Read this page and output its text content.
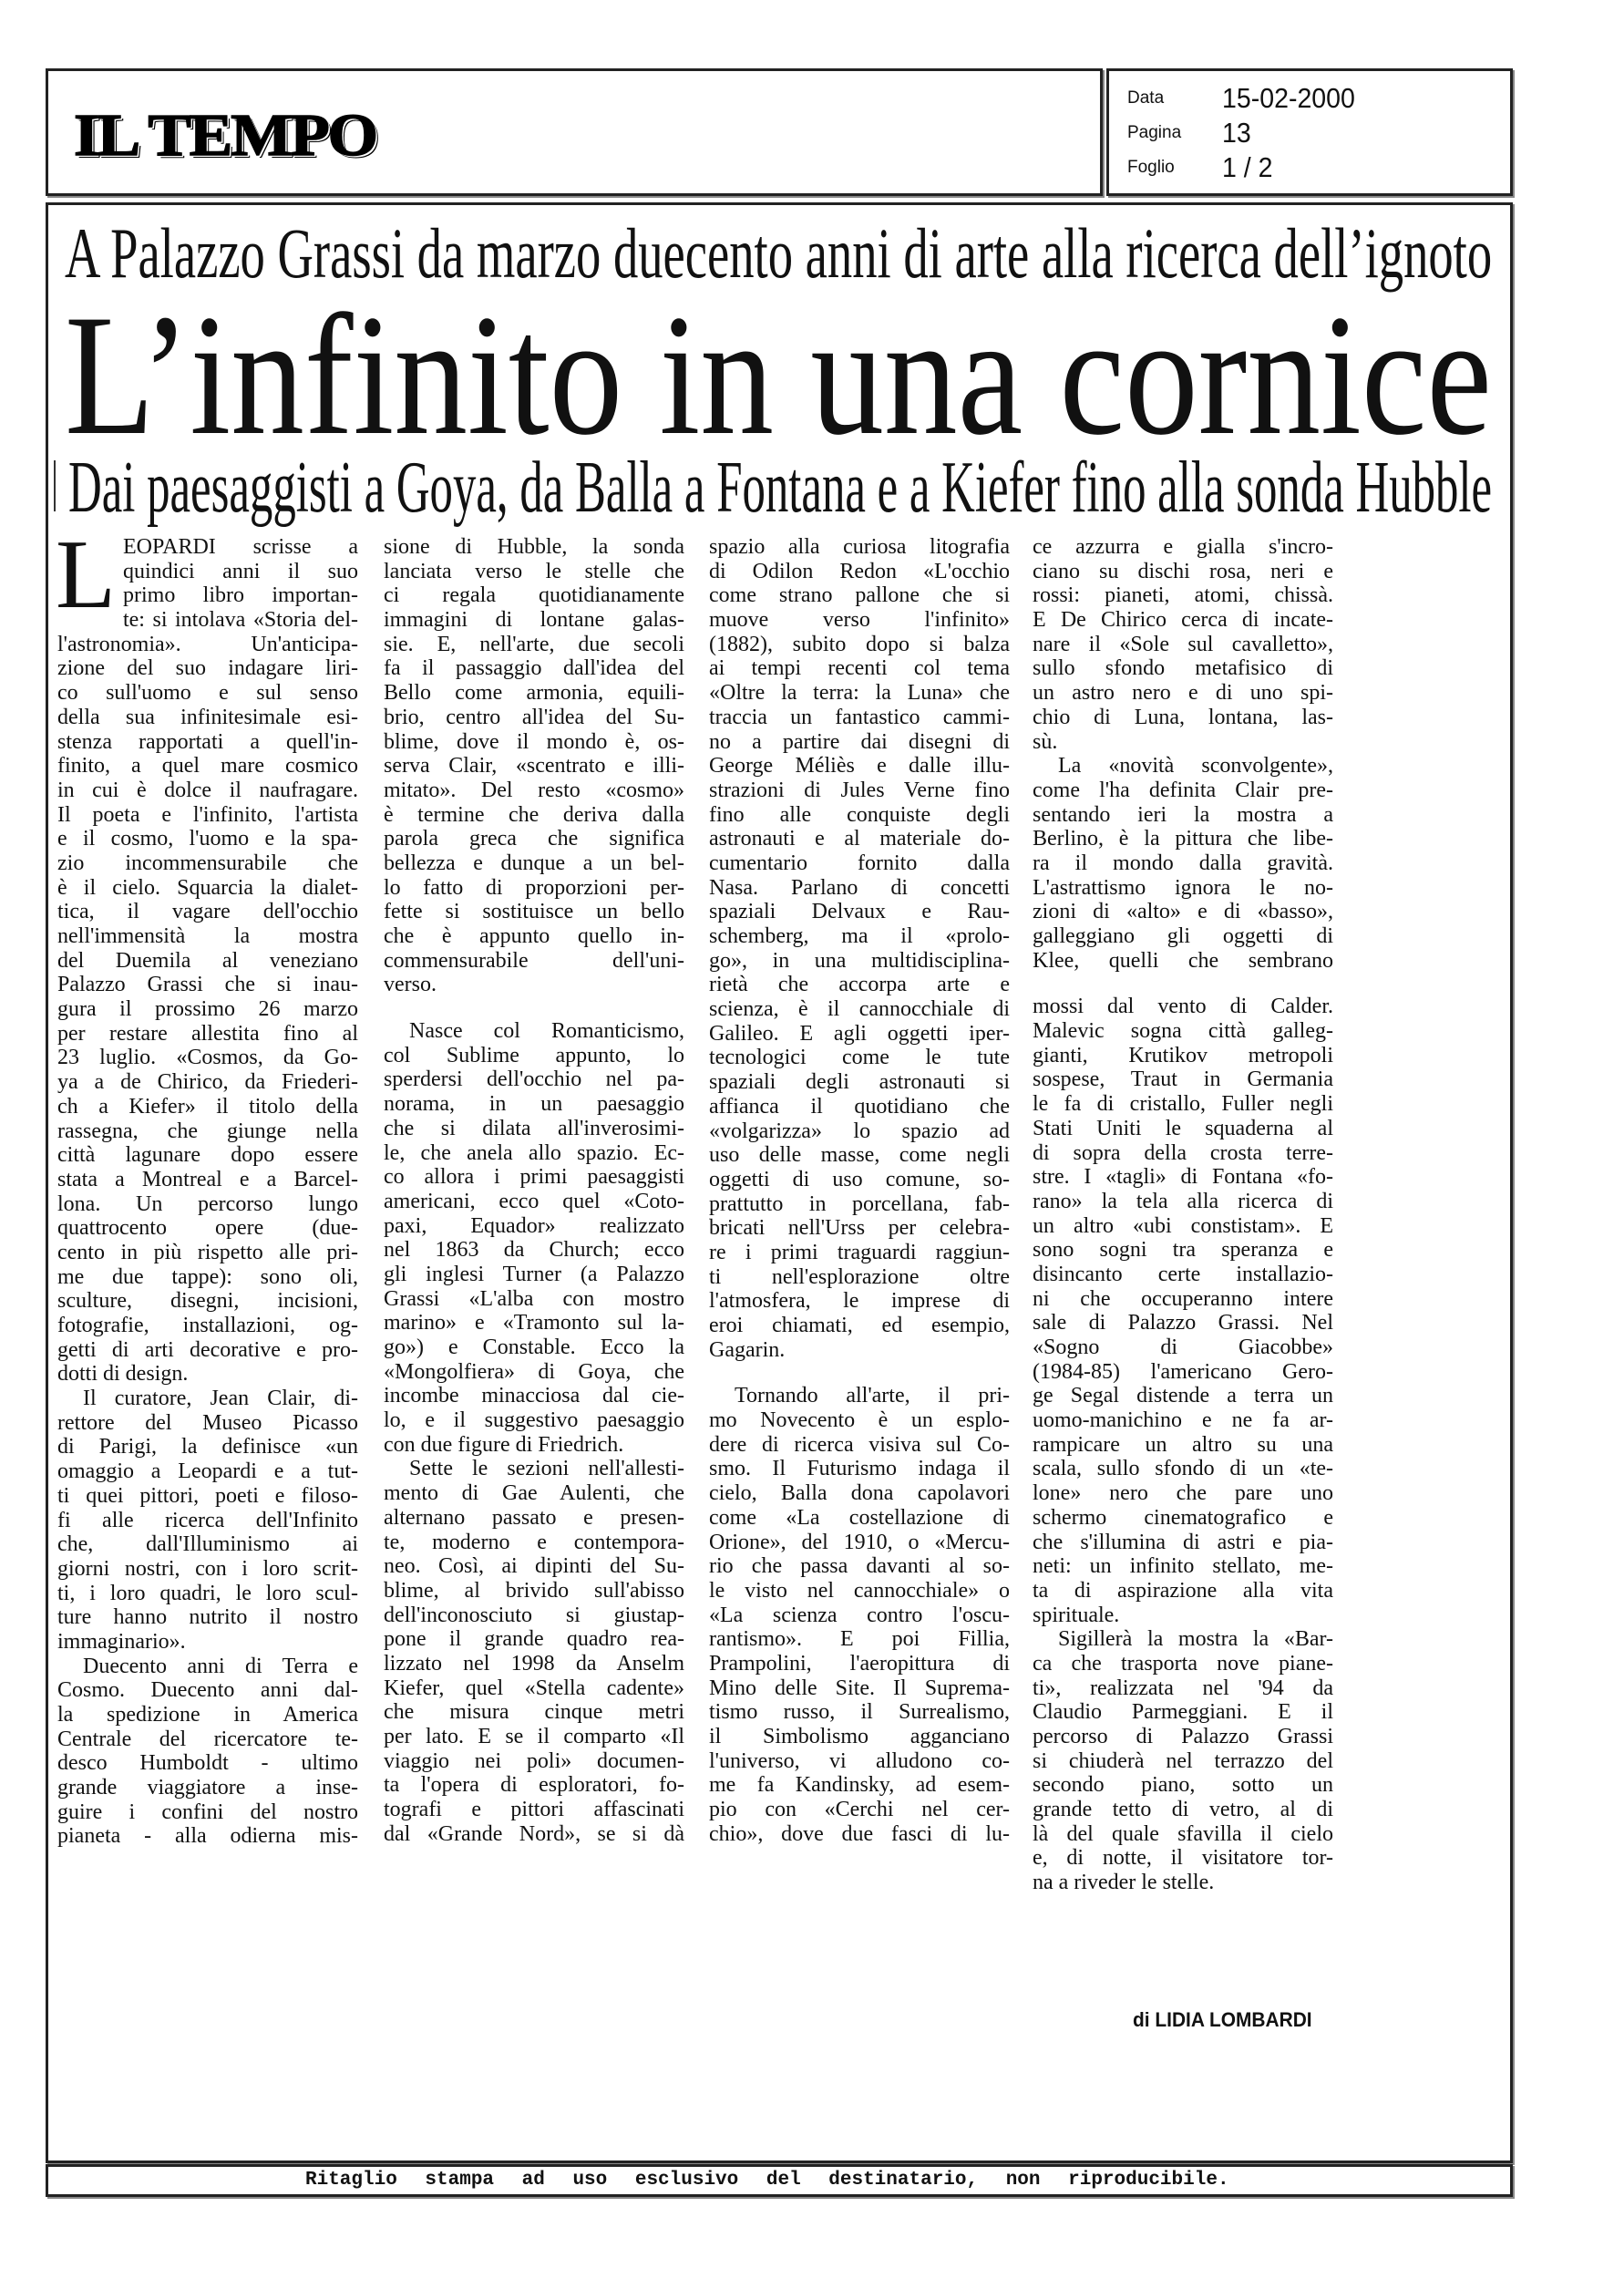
IL TEMPO
Data 15-02-2000
Pagina 13
Foglio 1 / 2
A Palazzo Grassi da marzo duecento anni di arte alla ricerca dell’ignoto
L’infinito in una cornice
Dai paesaggisti a Goya, da Balla a Fontana e a Kiefer fino alla sonda Hubble
L EOPARDI scrisse a
quindici anni il suo
primo libro importan-
te: si intolava «Storia del-
l'astronomia». Un'anticipa-
zione del suo indagare liri-
co sull'uomo e sul senso
della sua infinitesimale esi-
stenza rapportati a quell'in-
finito, a quel mare cosmico
in cui è dolce il naufragare.
Il poeta e l'infinito, l'artista
e il cosmo, l'uomo e la spa-
zio incommensurabile che
è il cielo. Squarcia la dialet-
tica, il vagare dell'occhio
nell'immensità la mostra
del Duemila al veneziano
Palazzo Grassi che si inau-
gura il prossimo 26 marzo
per restare allestita fino al
23 luglio. «Cosmos, da Go-
ya a de Chirico, da Friederi-
ch a Kiefer» il titolo della
rassegna, che giunge nella
città lagunare dopo essere
stata a Montreal e a Barcel-
lona. Un percorso lungo
quattrocento opere (due-
cento in più rispetto alle pri-
me due tappe): sono oli,
sculture, disegni, incisioni,
fotografie, installazioni, og-
getti di arti decorative e pro-
dotti di design.
Il curatore, Jean Clair, di-
rettore del Museo Picasso
di Parigi, la definisce «un
omaggio a Leopardi e a tut-
ti quei pittori, poeti e filoso-
fi alle ricerca dell'Infinito
che, dall'Illuminismo ai
giorni nostri, con i loro scrit-
ti, i loro quadri, le loro scul-
ture hanno nutrito il nostro
immaginario».
Duecento anni di Terra e
Cosmo. Duecento anni dal-
la spedizione in America
Centrale del ricercatore te-
desco Humboldt - ultimo
grande viaggiatore a inse-
guire i confini del nostro
pianeta - alla odierna mis-
sione di Hubble, la sonda
lanciata verso le stelle che
ci regala quotidianamente
immagini di lontane galas-
sie. E, nell'arte, due secoli
fa il passaggio dall'idea del
Bello come armonia, equili-
brio, centro all'idea del Su-
blime, dove il mondo è, os-
serva Clair, «scentrato e illi-
mitato». Del resto «cosmo»
è termine che deriva dalla
parola greca che significa
bellezza e dunque a un bel-
lo fatto di proporzioni per-
fette si sostituisce un bello
che è appunto quello in-
commensurabile dell'uni-
verso.
Nasce col Romanticismo,
col Sublime appunto, lo
sperdersi dell'occhio nel pa-
norama, in un paesaggio
che si dilata all'inverosimi-
le, che anela allo spazio. Ec-
co allora i primi paesaggisti
americani, ecco quel «Coto-
paxi, Equador» realizzato
nel 1863 da Church; ecco
gli inglesi Turner (a Palazzo
Grassi «L'alba con mostro
marino» e «Tramonto sul la-
go») e Constable. Ecco la
«Mongolfiera» di Goya, che
incombe minacciosa dal cie-
lo, e il suggestivo paesaggio
con due figure di Friedrich.
Sette le sezioni nell'allesti-
mento di Gae Aulenti, che
alternano passato e presen-
te, moderno e contempora-
neo. Così, ai dipinti del Su-
blime, al brivido sull'abisso
dell'inconosciuto si giustap-
pone il grande quadro rea-
lizzato nel 1998 da Anselm
Kiefer, quel «Stella cadente»
che misura cinque metri
per lato. E se il comparto «Il
viaggio nei poli» documen-
ta l'opera di esploratori, fo-
tografi e pittori affascinati
dal «Grande Nord», se si dà
spazio alla curiosa litografia
di Odilon Redon «L'occhio
come strano pallone che si
muove verso l'infinito»
(1882), subito dopo si balza
ai tempi recenti col tema
«Oltre la terra: la Luna» che
traccia un fantastico cammi-
no a partire dai disegni di
George Méliès e dalle illu-
strazioni di Jules Verne fino
fino alle conquiste degli
astronauti e al materiale do-
cumentario fornito dalla
Nasa. Parlano di concetti
spaziali Delvaux e Rau-
schemberg, ma il «prolo-
go», in una multidisciplina-
rietà che accorpa arte e
scienza, è il cannocchiale di
Galileo. E agli oggetti iper-
tecnologici come le tute
spaziali degli astronauti si
affianca il quotidiano che
«volgarizza» lo spazio ad
uso delle masse, come negli
oggetti di uso comune, so-
prattutto in porcellana, fab-
bricati nell'Urss per celebra-
re i primi traguardi raggiun-
ti nell'esplorazione oltre
l'atmosfera, le imprese di
eroi chiamati, ed esempio,
Gagarin.
Tornando all'arte, il pri-
mo Novecento è un esplo-
dere di ricerca visiva sul Co-
smo. Il Futurismo indaga il
cielo, Balla dona capolavori
come «La costellazione di
Orione», del 1910, o «Mercu-
rio che passa davanti al so-
le visto nel cannocchiale» o
«La scienza contro l'oscu-
rantismo». E poi Fillia,
Prampolini, l'aeropittura di
Mino delle Site. Il Suprema-
tismo russo, il Surrealismo,
il Simbolismo agganciano
l'universo, vi alludono co-
me fa Kandinsky, ad esem-
pio con «Cerchi nel cer-
chio», dove due fasci di lu-
ce azzurra e gialla s'incro-
ciano su dischi rosa, neri e
rossi: pianeti, atomi, chissà.
E De Chirico cerca di incate-
nare il «Sole sul cavalletto»,
sullo sfondo metafisico di
un astro nero e di uno spi-
chio di Luna, lontana, las-
sù.
La «novità sconvolgente»,
come l'ha definita Clair pre-
sentando ieri la mostra a
Berlino, è la pittura che libe-
ra il mondo dalla gravità.
L'astrattismo ignora le no-
zioni di «alto» e di «basso»,
galleggiano gli oggetti di
Klee, quelli che sembrano
mossi dal vento di Calder.
Malevic sogna città galleg-
gianti, Krutikov metropoli
sospese, Traut in Germania
le fa di cristallo, Fuller negli
Stati Uniti le squaderna al
di sopra della crosta terre-
stre. I «tagli» di Fontana «fo-
rano» la tela alla ricerca di
un altro «ubi constistam». E
sono sogni tra speranza e
disincanto certe installazio-
ni che occuperanno intere
sale di Palazzo Grassi. Nel
«Sogno di Giacobbe»
(1984-85) l'americano Gero-
ge Segal distende a terra un
uomo-manichino e ne fa ar-
rampicare un altro su una
scala, sullo sfondo di un «te-
lone» nero che pare uno
schermo cinematografico e
che s'illumina di astri e pia-
neti: un infinito stellato, me-
ta di aspirazione alla vita
spirituale.
Sigillerà la mostra la «Bar-
ca che trasporta nove piane-
ti», realizzata nel '94 da
Claudio Parmeggiani. E il
percorso di Palazzo Grassi
si chiuderà nel terrazzo del
secondo piano, sotto un
grande tetto di vetro, al di
là del quale sfavilla il cielo
e, di notte, il visitatore tor-
na a riveder le stelle.
di LIDIA LOMBARDI
Ritaglio stampa ad uso esclusivo del destinatario, non riproducibile.
